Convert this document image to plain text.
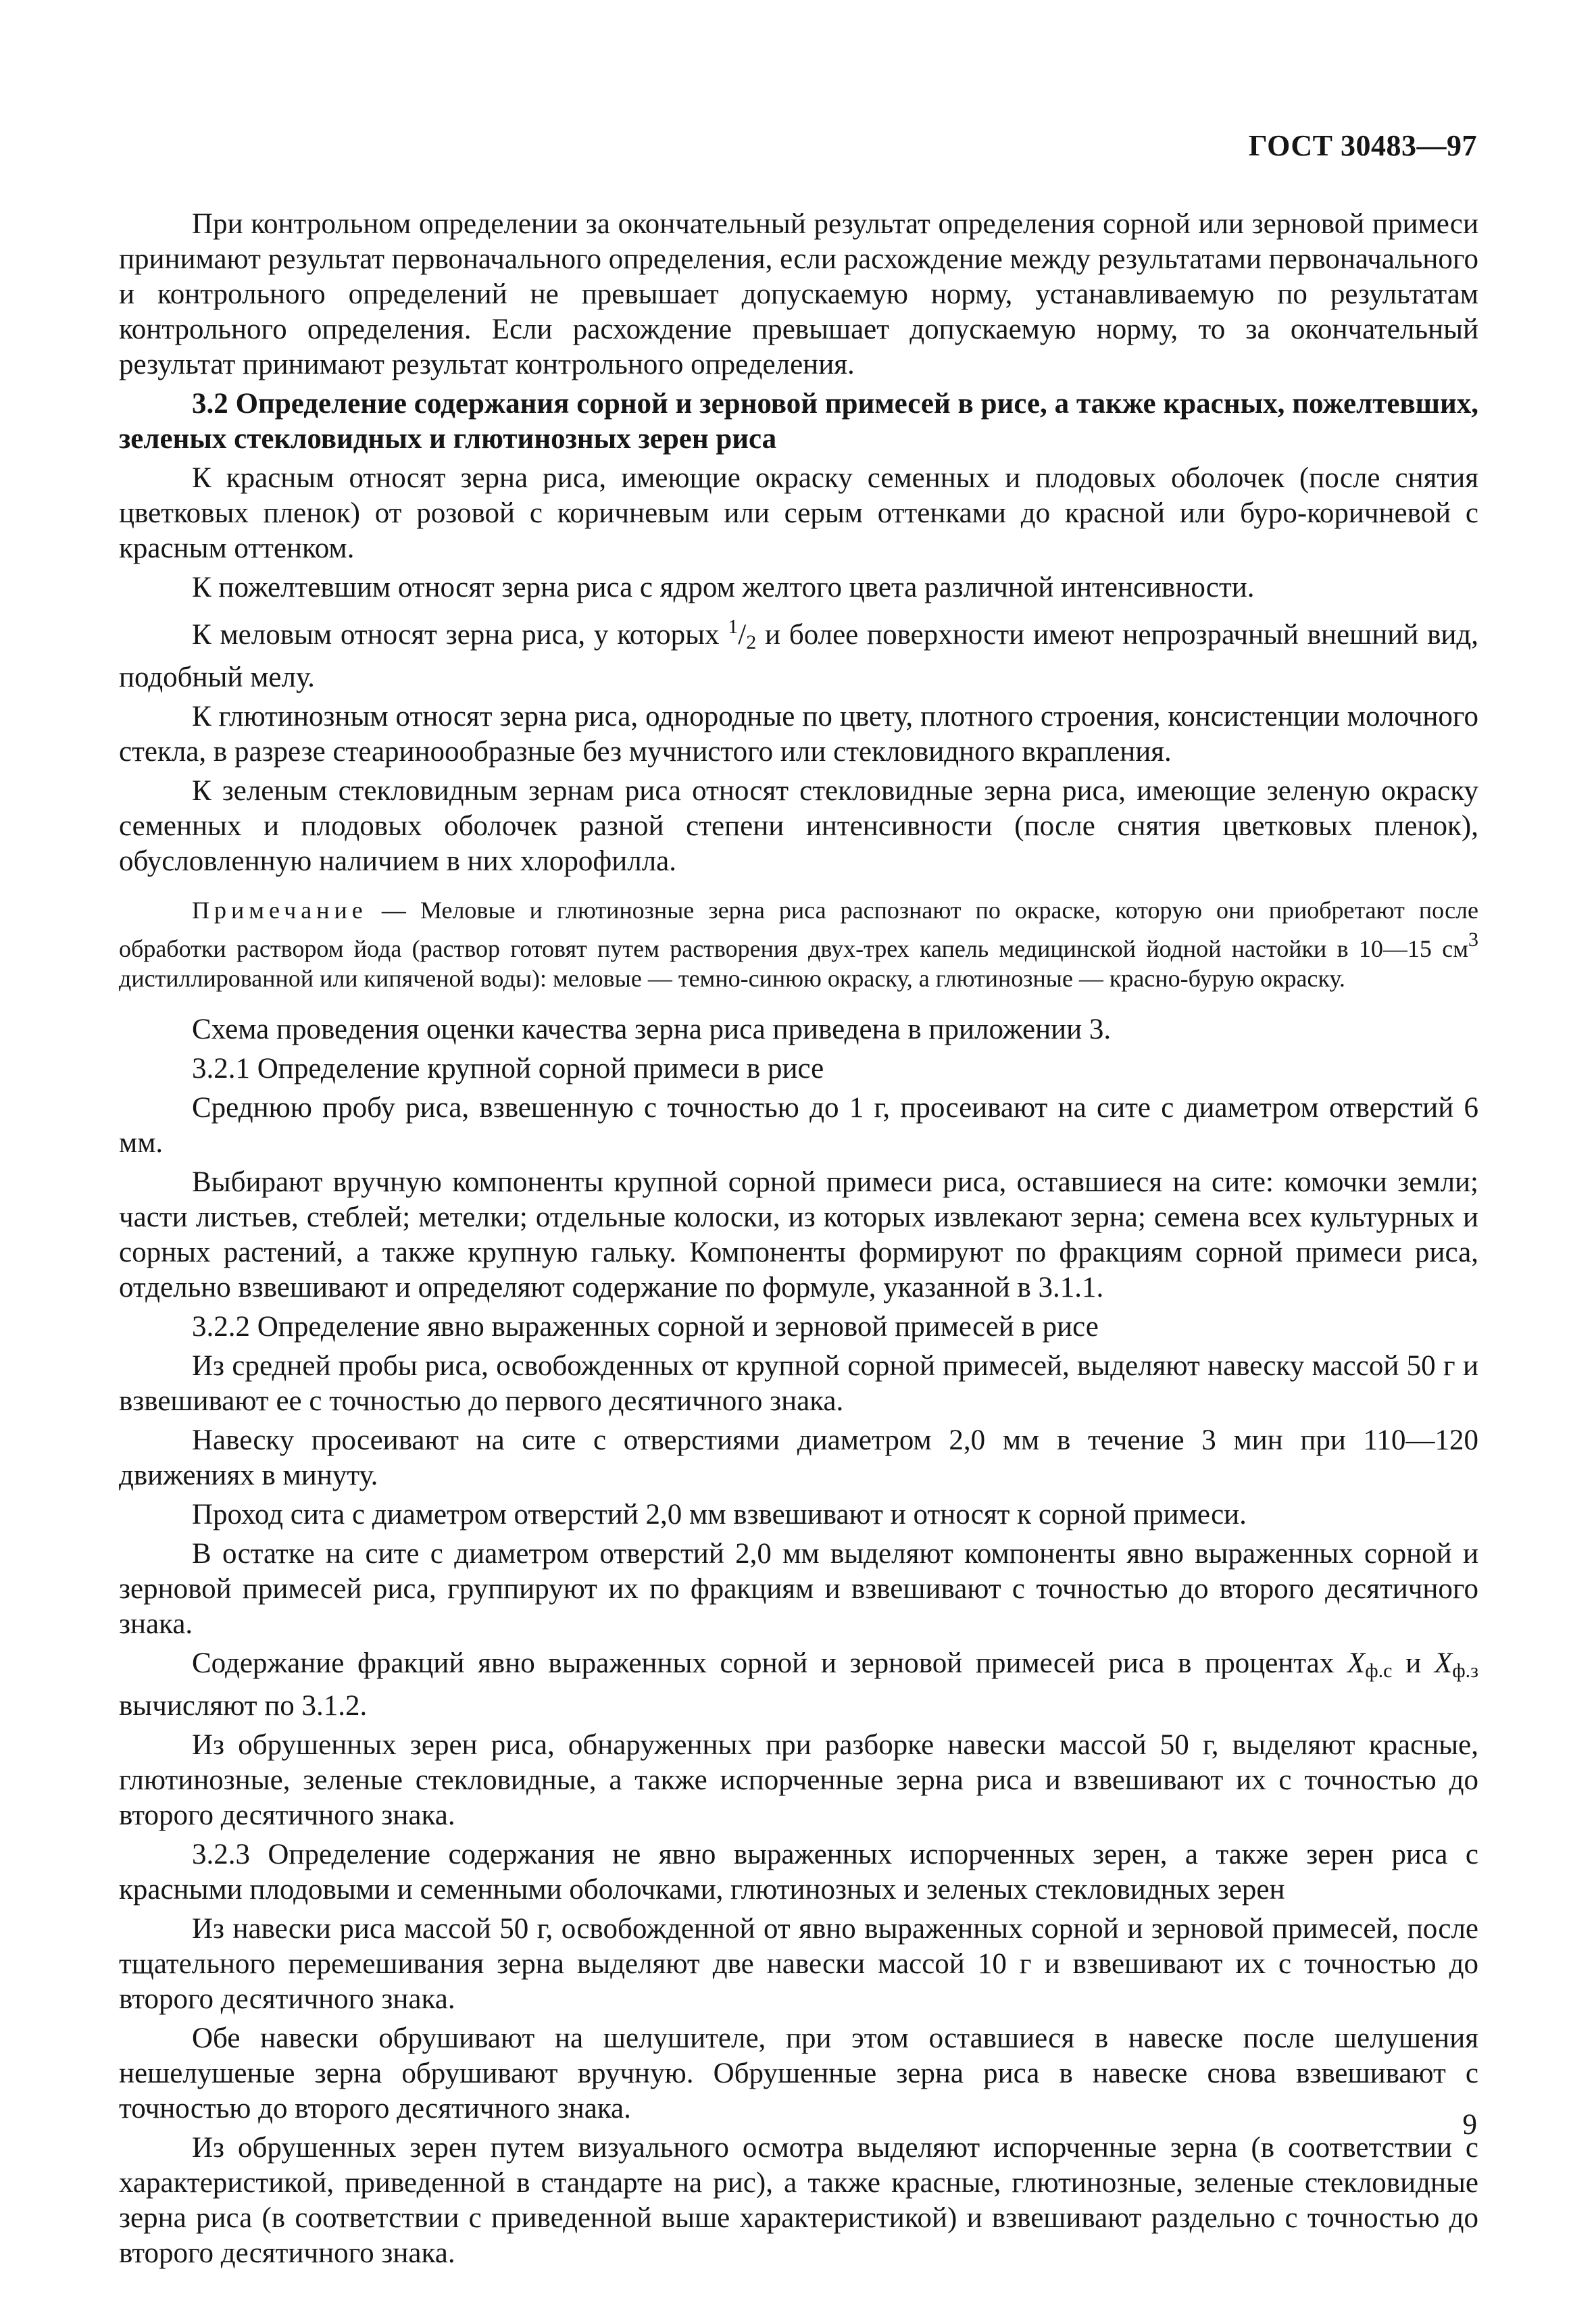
ГОСТ 30483—97

При контрольном определении за окончательный результат определения сорной или зерновой примеси принимают результат первоначального определения, если расхождение между результатами первоначального и контрольного определений не превышает допускаемую норму, устанавливаемую по результатам контрольного определения. Если расхождение превышает допускаемую норму, то за окончательный результат принимают результат контрольного определения.

3.2 Определение содержания сорной и зерновой примесей в рисе, а также красных, пожелтевших, зеленых стекловидных и глютинозных зерен риса

К красным относят зерна риса, имеющие окраску семенных и плодовых оболочек (после снятия цветковых пленок) от розовой с коричневым или серым оттенками до красной или буро-коричневой с красным оттенком.

К пожелтевшим относят зерна риса с ядром желтого цвета различной интенсивности.

К меловым относят зерна риса, у которых $^1$/2 и более поверхности имеют непрозрачный внешний вид, подобный мелу.

К глютинозным относят зерна риса, однородные по цвету, плотного строения, консистенции молочного стекла, в разрезе стеариноообразные без мучнистого или стекловидного вкрапления.

К зеленым стекловидным зернам риса относят стекловидные зерна риса, имеющие зеленую окраску семенных и плодовых оболочек разной степени интенсивности (после снятия цветковых пленок), обусловленную наличием в них хлорофилла.

Примечание — Меловые и глютинозные зерна риса распознают по окраске, которую они приобретают после обработки раствором йода (раствор готовят путем растворения двух-трех капель медицинской йодной настойки в 10—15 $см^3$ дистиллированной или кипяченой воды): меловые — темно-синюю окраску, а глютинозные — красно-бурую окраску.

Схема проведения оценки качества зерна риса приведена в приложении 3.

3.2.1 Определение крупной сорной примеси в рисе

Среднюю пробу риса, взвешенную с точностью до 1 г, просеивают на сите с диаметром отверстий 6 мм.

Выбирают вручную компоненты крупной сорной примеси риса, оставшиеся на сите: комочки земли; части листьев, стеблей; метелки; отдельные колоски, из которых извлекают зерна; семена всех культурных и сорных растений, а также крупную гальку. Компоненты формируют по фракциям сорной примеси риса, отдельно взвешивают и определяют содержание по формуле, указанной в 3.1.1.

3.2.2 Определение явно выраженных сорной и зерновой примесей в рисе

Из средней пробы риса, освобожденных от крупной сорной примесей, выделяют навеску массой 50 г и взвешивают ее с точностью до первого десятичного знака.

Навеску просеивают на сите с отверстиями диаметром 2,0 мм в течение 3 мин при 110—120 движениях в минуту.

Проход сита с диаметром отверстий 2,0 мм взвешивают и относят к сорной примеси.

В остатке на сите с диаметром отверстий 2,0 мм выделяют компоненты явно выраженных сорной и зерновой примесей риса, группируют их по фракциям и взвешивают с точностью до второго десятичного знака.

Содержание фракций явно выраженных сорной и зерновой примесей риса в процентах Xф.с и Xф.з вычисляют по 3.1.2.

Из обрушенных зерен риса, обнаруженных при разборке навески массой 50 г, выделяют красные, глютинозные, зеленые стекловидные, а также испорченные зерна риса и взвешивают их с точностью до второго десятичного знака.

3.2.3 Определение содержания не явно выраженных испорченных зерен, а также зерен риса с красными плодовыми и семенными оболочками, глютинозных и зеленых стекловидных зерен

Из навески риса массой 50 г, освобожденной от явно выраженных сорной и зерновой примесей, после тщательного перемешивания зерна выделяют две навески массой 10 г и взвешивают их с точностью до второго десятичного знака.

Обе навески обрушивают на шелушителе, при этом оставшиеся в навеске после шелушения нешелушеные зерна обрушивают вручную. Обрушенные зерна риса в навеске снова взвешивают с точностью до второго десятичного знака.

Из обрушенных зерен путем визуального осмотра выделяют испорченные зерна (в соответствии с характеристикой, приведенной в стандарте на рис), а также красные, глютинозные, зеленые стекловидные зерна риса (в соответствии с приведенной выше характеристикой) и взвешивают раздельно с точностью до второго десятичного знака.

9
